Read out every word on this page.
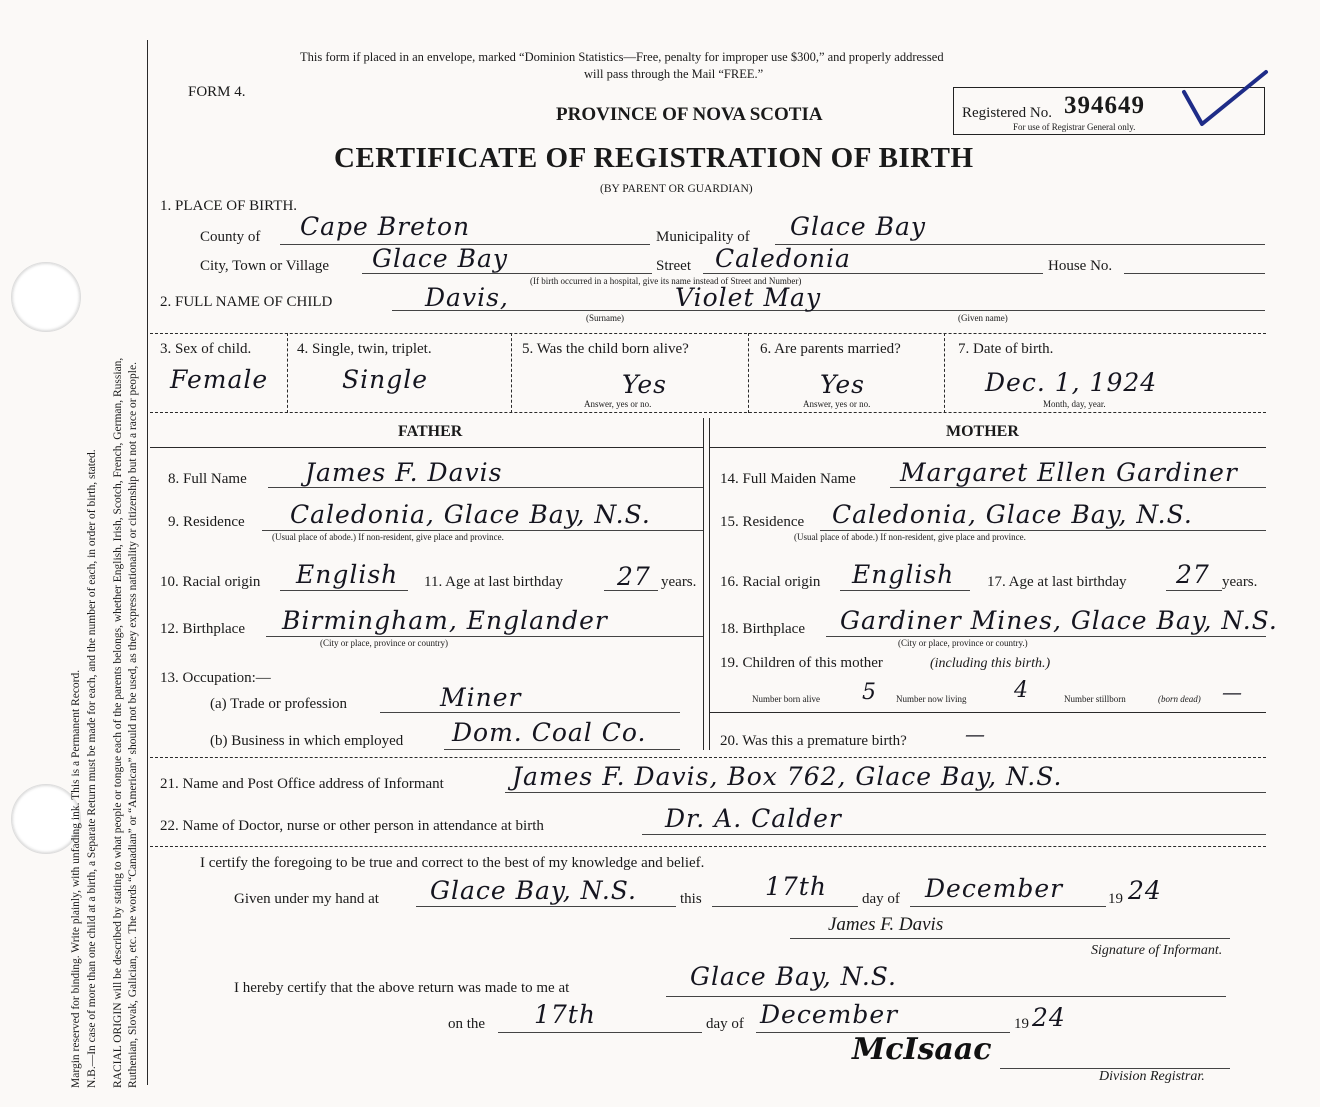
Margin reserved for binding. Write plainly, with unfading ink. This is a Permanent Record. N.B.—In case of more than one child at a birth, a Separate Return must be made for each, and the number of each, in order of birth, stated. RACIAL ORIGIN will be described by stating to what people or tongue each of the parents belongs, whether English, Irish, Scotch, French, German, Russian, Ruthenian, Slovak, Galician, etc. The words “Canadian” or “American” should not be used, as they express nationality or citizenship but not a race or people.
This form if placed in an envelope, marked “Dominion Statistics—Free, penalty for improper use $300,” and properly addressed
will pass through the Mail “FREE.”
FORM 4.
PROVINCE OF NOVA SCOTIA
CERTIFICATE OF REGISTRATION OF BIRTH
(BY PARENT OR GUARDIAN)
Registered No. 394649
For use of Registrar General only.
1. PLACE OF BIRTH.
County of Cape Breton	Municipality of Glace Bay
City, Town or Village Glace Bay	Street Caledonia	House No.
(If birth occurred in a hospital, give its name instead of Street and Number)
2. FULL NAME OF CHILD	Davis,	Violet May
(Surname)	(Given name)
3. Sex of child.
Female
4. Single, twin, triplet.
Single
5. Was the child born alive?
Yes
Answer, yes or no.
6. Are parents married?
Yes
Answer, yes or no.
7. Date of birth.
Dec. 1, 1924
Month, day, year.
FATHER	MOTHER
8. Full Name James F. Davis
9. Residence Caledonia, Glace Bay, N.S.
(Usual place of abode.) If non-resident, give place and province.
10. Racial origin English 11. Age at last birthday 27 years.
12. Birthplace Birmingham, Englander
(City or place, province or country)
13. Occupation:—
(a) Trade or profession	Miner
(b) Business in which employed Dom. Coal Co.
14. Full Maiden Name Margaret Ellen Gardiner
15. Residence Caledonia, Glace Bay, N.S.
(Usual place of abode.) If non-resident, give place and province.
16. Racial origin English 17. Age at last birthday 27 years.
18. Birthplace Gardiner Mines, Glace Bay, N.S.
(City or place, province or country.)
19. Children of this mother	(including this birth.)
Number born alive 5 Number now living 4	Number stillborn	(born dead) —
20. Was this a premature birth?	—
21. Name and Post Office address of Informant	James F. Davis, Box 762, Glace Bay, N.S.
22. Name of Doctor, nurse or other person in attendance at birth	Dr. A. Calder
I certify the foregoing to be true and correct to the best of my knowledge and belief.
Given under my hand at Glace Bay, N.S.	this	17th day of December	19 24
James F. Davis
Signature of Informant.
I hereby certify that the above return was made to me at	Glace Bay, N.S.
on the 17th	day of December	19 24
McIsaac
Division Registrar.
